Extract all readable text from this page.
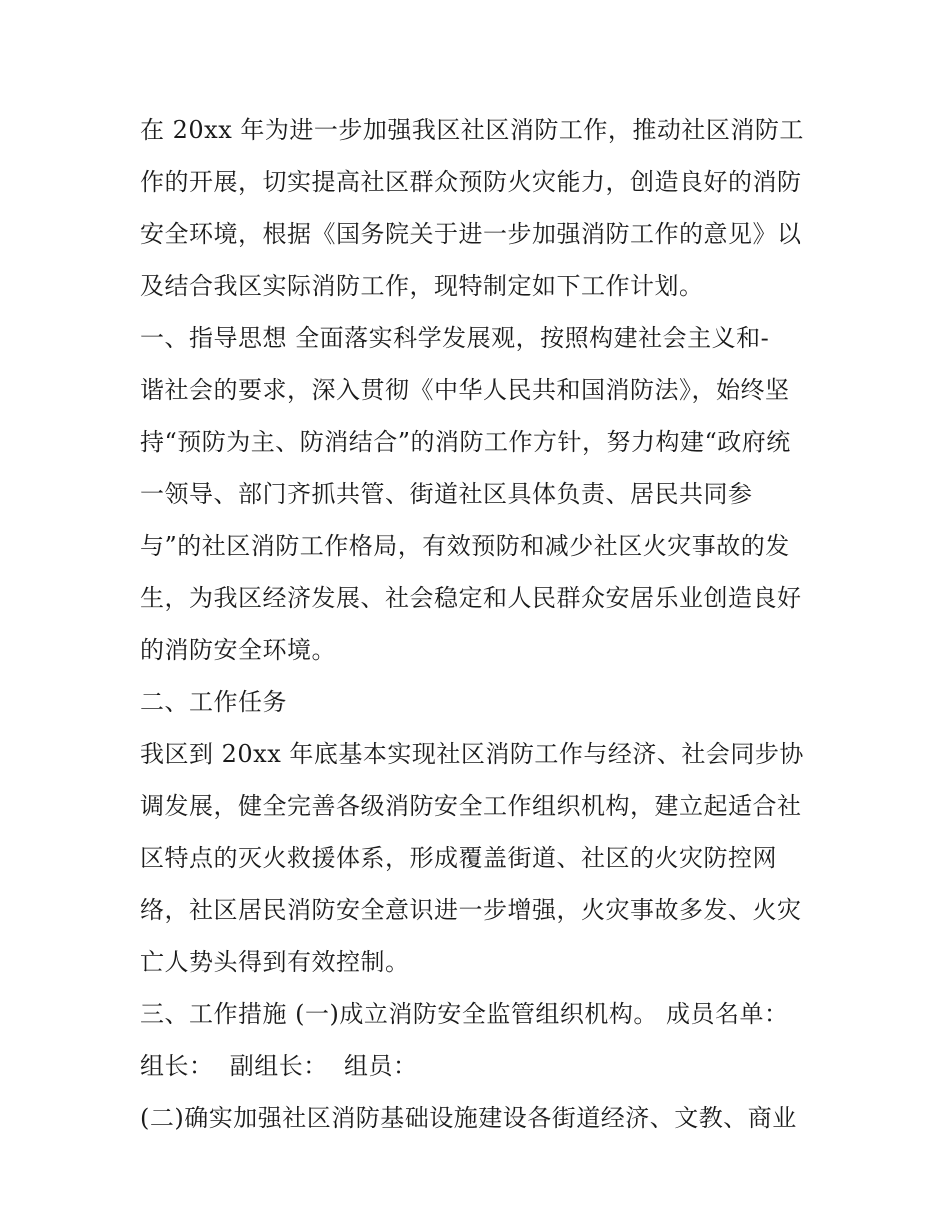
在 20xx 年为进一步加强我区社区消防工作，推动社区消防工
作的开展，切实提高社区群众预防火灾能力，创造良好的消防
安全环境，根据《国务院关于进一步加强消防工作的意见》以
及结合我区实际消防工作，现特制定如下工作计划。
一、指导思想 全面落实科学发展观，按照构建社会主义和-
谐社会的要求，深入贯彻《中华人民共和国消防法》，始终坚
持“预防为主、防消结合”的消防工作方针，努力构建“政府统
一领导、部门齐抓共管、街道社区具体负责、居民共同参
与”的社区消防工作格局，有效预防和减少社区火灾事故的发
生，为我区经济发展、社会稳定和人民群众安居乐业创造良好
的消防安全环境。
二、工作任务
我区到 20xx 年底基本实现社区消防工作与经济、社会同步协
调发展，健全完善各级消防安全工作组织机构，建立起适合社
区特点的灭火救援体系，形成覆盖街道、社区的火灾防控网
络，社区居民消防安全意识进一步增强，火灾事故多发、火灾
亡人势头得到有效控制。
三、工作措施 (一)成立消防安全监管组织机构。 成员名单：
组长：  副组长：  组员：
(二)确实加强社区消防基础设施建设各街道经济、文教、商业
